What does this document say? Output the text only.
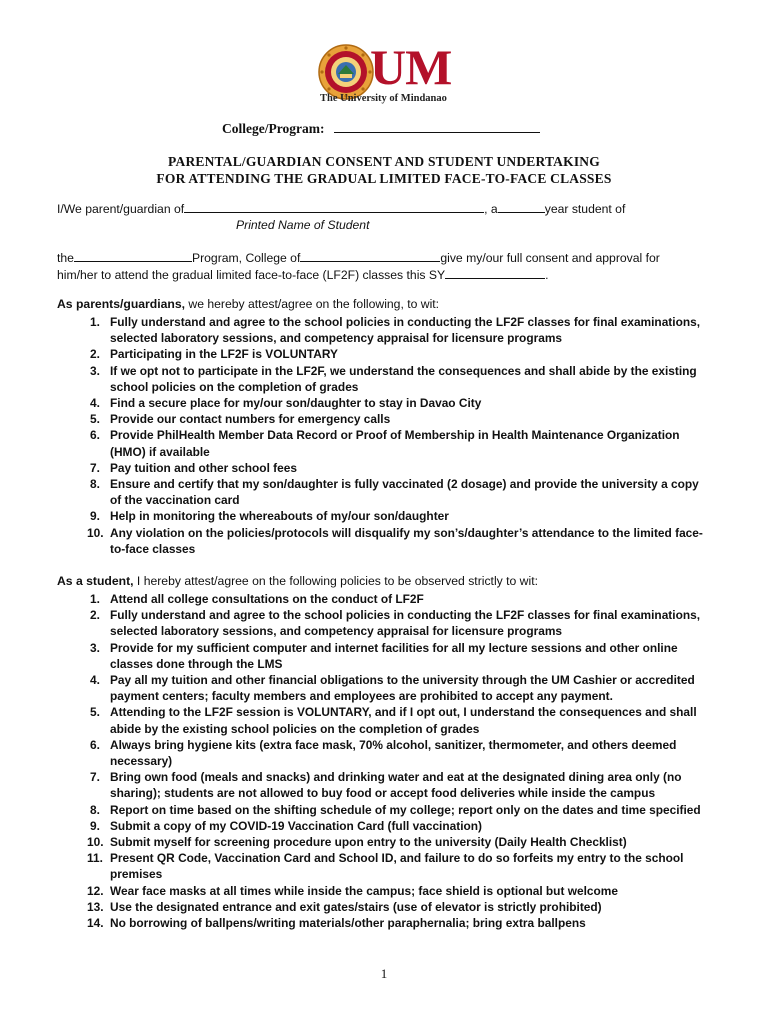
UM
The University of Mindanao
College/Program:
PARENTAL/GUARDIAN CONSENT AND STUDENT UNDERTAKING
FOR ATTENDING THE GRADUAL LIMITED FACE-TO-FACE CLASSES
I/We parent/guardian of	, a	year student of
Printed Name of Student
the	Program, College of	give my/our full consent and approval for
him/her to attend the gradual limited face-to-face (LF2F) classes this SY	.
As parents/guardians, we hereby attest/agree on the following, to wit:
1. Fully understand and agree to the school policies in conducting the LF2F classes for final examinations, selected laboratory sessions, and competency appraisal for licensure programs
2. Participating in the LF2F is VOLUNTARY
3. If we opt not to participate in the LF2F, we understand the consequences and shall abide by the existing school policies on the completion of grades
4. Find a secure place for my/our son/daughter to stay in Davao City
5. Provide our contact numbers for emergency calls
6. Provide PhilHealth Member Data Record or Proof of Membership in Health Maintenance Organization (HMO) if available
7. Pay tuition and other school fees
8. Ensure and certify that my son/daughter is fully vaccinated (2 dosage) and provide the university a copy of the vaccination card
9. Help in monitoring the whereabouts of my/our son/daughter
10. Any violation on the policies/protocols will disqualify my son’s/daughter’s attendance to the limited face-to-face classes
As a student, I hereby attest/agree on the following policies to be observed strictly to wit:
1. Attend all college consultations on the conduct of LF2F
2. Fully understand and agree to the school policies in conducting the LF2F classes for final examinations, selected laboratory sessions, and competency appraisal for licensure programs
3. Provide for my sufficient computer and internet facilities for all my lecture sessions and other online classes done through the LMS
4. Pay all my tuition and other financial obligations to the university through the UM Cashier or accredited payment centers; faculty members and employees are prohibited to accept any payment.
5. Attending to the LF2F session is VOLUNTARY, and if I opt out, I understand the consequences and shall abide by the existing school policies on the completion of grades
6. Always bring hygiene kits (extra face mask, 70% alcohol, sanitizer, thermometer, and others deemed necessary)
7. Bring own food (meals and snacks) and drinking water and eat at the designated dining area only (no sharing); students are not allowed to buy food or accept food deliveries while inside the campus
8. Report on time based on the shifting schedule of my college; report only on the dates and time specified
9. Submit a copy of my COVID-19 Vaccination Card (full vaccination)
10. Submit myself for screening procedure upon entry to the university (Daily Health Checklist)
11. Present QR Code, Vaccination Card and School ID, and failure to do so forfeits my entry to the school premises
12. Wear face masks at all times while inside the campus; face shield is optional but welcome
13. Use the designated entrance and exit gates/stairs (use of elevator is strictly prohibited)
14. No borrowing of ballpens/writing materials/other paraphernalia; bring extra ballpens
1
